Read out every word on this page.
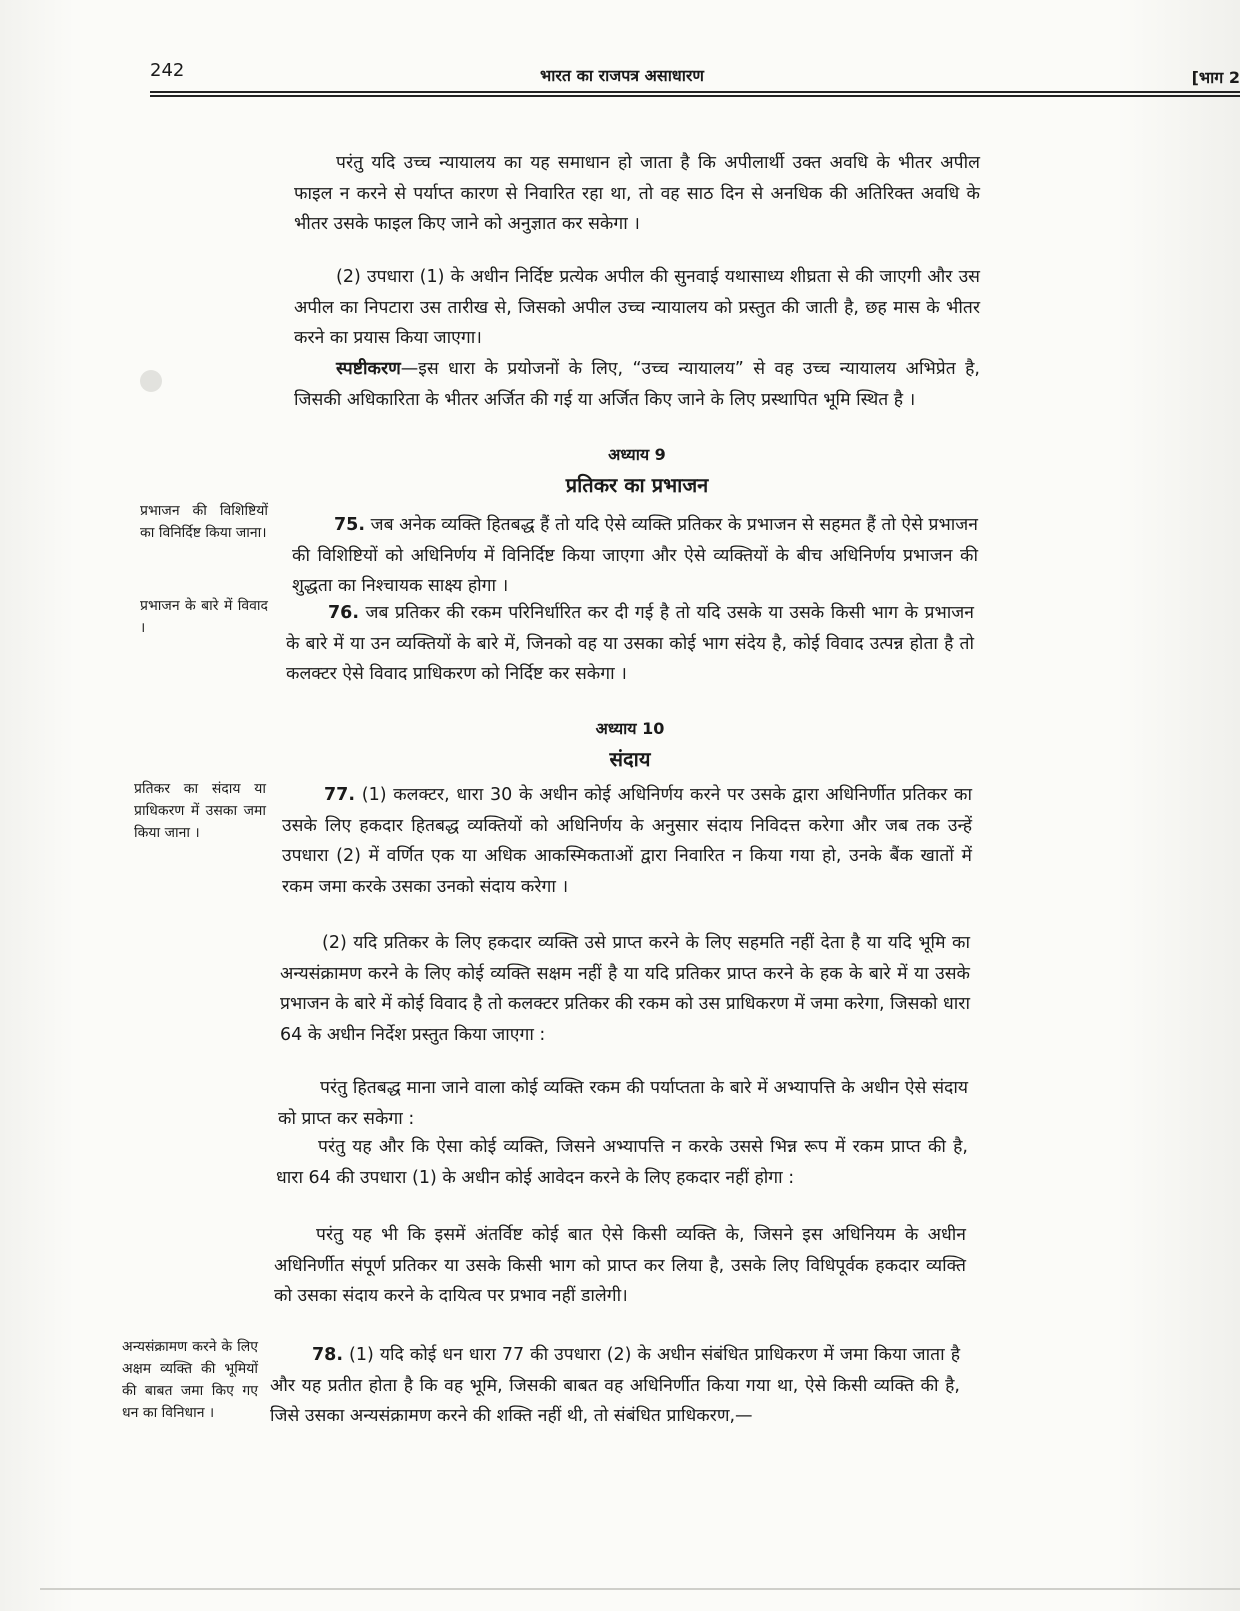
242	भारत का राजपत्र असाधारण	[भाग 2

परंतु यदि उच्च न्यायालय का यह समाधान हो जाता है कि अपीलार्थी उक्त अवधि के भीतर अपील फाइल न करने से पर्याप्त कारण से निवारित रहा था, तो वह साठ दिन से अनधिक की अतिरिक्त अवधि के भीतर उसके फाइल किए जाने को अनुज्ञात कर सकेगा ।

(2) उपधारा (1) के अधीन निर्दिष्ट प्रत्येक अपील की सुनवाई यथासाध्य शीघ्रता से की जाएगी और उस अपील का निपटारा उस तारीख से, जिसको अपील उच्च न्यायालय को प्रस्तुत की जाती है, छह मास के भीतर करने का प्रयास किया जाएगा।

स्पष्टीकरण—इस धारा के प्रयोजनों के लिए, “उच्च न्यायालय” से वह उच्च न्यायालय अभिप्रेत है, जिसकी अधिकारिता के भीतर अर्जित की गई या अर्जित किए जाने के लिए प्रस्थापित भूमि स्थित है ।

अध्याय 9
प्रतिकर का प्रभाजन

75. जब अनेक व्यक्ति हितबद्ध हैं तो यदि ऐसे व्यक्ति प्रतिकर के प्रभाजन से सहमत हैं तो ऐसे प्रभाजन की विशिष्टियों को अधिनिर्णय में विनिर्दिष्ट किया जाएगा और ऐसे व्यक्तियों के बीच अधिनिर्णय प्रभाजन की शुद्धता का निश्चायक साक्ष्य होगा ।

76. जब प्रतिकर की रकम परिनिर्धारित कर दी गई है तो यदि उसके या उसके किसी भाग के प्रभाजन के बारे में या उन व्यक्तियों के बारे में, जिनको वह या उसका कोई भाग संदेय है, कोई विवाद उत्पन्न होता है तो कलक्टर ऐसे विवाद प्राधिकरण को निर्दिष्ट कर सकेगा ।

अध्याय 10
संदाय

77. (1) कलक्टर, धारा 30 के अधीन कोई अधिनिर्णय करने पर उसके द्वारा अधिनिर्णीत प्रतिकर का उसके लिए हकदार हितबद्ध व्यक्तियों को अधिनिर्णय के अनुसार संदाय निविदत्त करेगा और जब तक उन्हें उपधारा (2) में वर्णित एक या अधिक आकस्मिकताओं द्वारा निवारित न किया गया हो, उनके बैंक खातों में रकम जमा करके उसका उनको संदाय करेगा ।

(2) यदि प्रतिकर के लिए हकदार व्यक्ति उसे प्राप्त करने के लिए सहमति नहीं देता है या यदि भूमि का अन्यसंक्रामण करने के लिए कोई व्यक्ति सक्षम नहीं है या यदि प्रतिकर प्राप्त करने के हक के बारे में या उसके प्रभाजन के बारे में कोई विवाद है तो कलक्टर प्रतिकर की रकम को उस प्राधिकरण में जमा करेगा, जिसको धारा 64 के अधीन निर्देश प्रस्तुत किया जाएगा :

परंतु हितबद्ध माना जाने वाला कोई व्यक्ति रकम की पर्याप्तता के बारे में अभ्यापत्ति के अधीन ऐसे संदाय को प्राप्त कर सकेगा :

परंतु यह और कि ऐसा कोई व्यक्ति, जिसने अभ्यापत्ति न करके उससे भिन्न रूप में रकम प्राप्त की है, धारा 64 की उपधारा (1) के अधीन कोई आवेदन करने के लिए हकदार नहीं होगा :

परंतु यह भी कि इसमें अंतर्विष्ट कोई बात ऐसे किसी व्यक्ति के, जिसने इस अधिनियम के अधीन अधिनिर्णीत संपूर्ण प्रतिकर या उसके किसी भाग को प्राप्त कर लिया है, उसके लिए विधिपूर्वक हकदार व्यक्ति को उसका संदाय करने के दायित्व पर प्रभाव नहीं डालेगी।

78. (1) यदि कोई धन धारा 77 की उपधारा (2) के अधीन संबंधित प्राधिकरण में जमा किया जाता है और यह प्रतीत होता है कि वह भूमि, जिसकी बाबत वह अधिनिर्णीत किया गया था, ऐसे किसी व्यक्ति की है, जिसे उसका अन्यसंक्रामण करने की शक्ति नहीं थी, तो संबंधित प्राधिकरण,—

प्रभाजन की विशिष्टियों का विनिर्दिष्ट किया जाना।
प्रभाजन के बारे में विवाद ।
प्रतिकर का संदाय या प्राधिकरण में उसका जमा किया जाना ।
अन्यसंक्रामण करने के लिए अक्षम व्यक्ति की भूमियों की बाबत जमा किए गए धन का विनिधान ।
